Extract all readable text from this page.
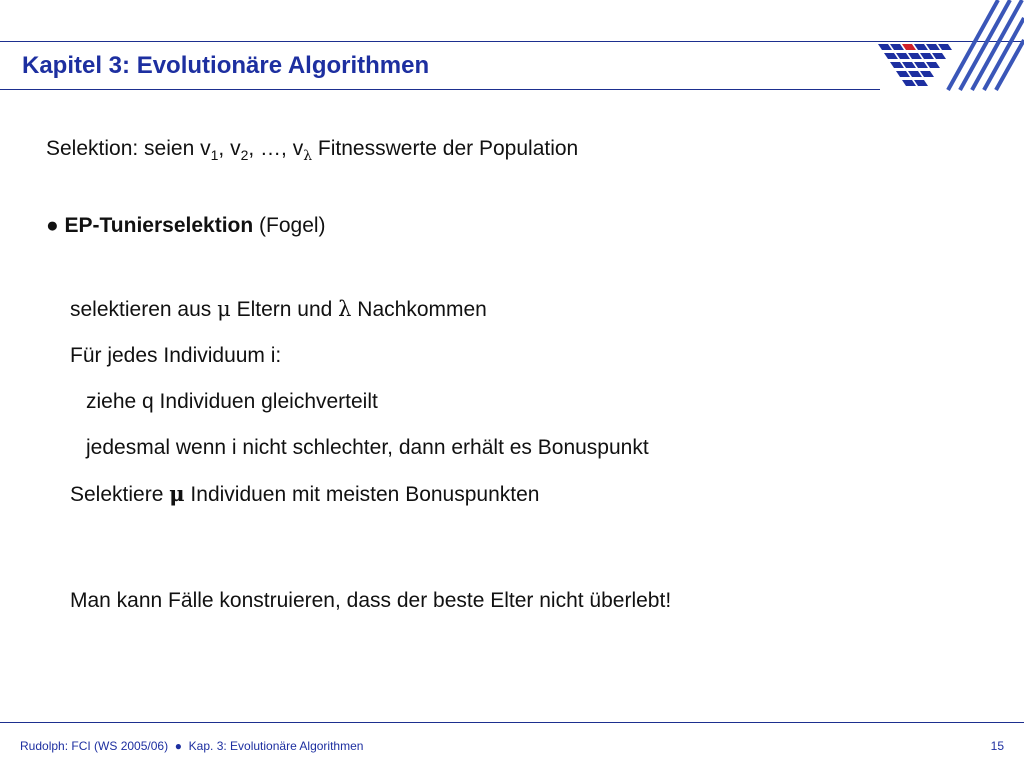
Kapitel 3: Evolutionäre Algorithmen
Selektion: seien $v_1$, $v_2$, …, $v_\lambda$ Fitnesswerte der Population
● EP-Tunierselektion (Fogel)
selektieren aus μ Eltern und λ Nachkommen
Für jedes Individuum i:
ziehe q Individuen gleichverteilt
jedesmal wenn i nicht schlechter, dann erhält es Bonuspunkt
Selektiere μ Individuen mit meisten Bonuspunkten
Man kann Fälle konstruieren, dass der beste Elter nicht überlebt!
Rudolph: FCI (WS 2005/06) ● Kap. 3: Evolutionäre Algorithmen	15
